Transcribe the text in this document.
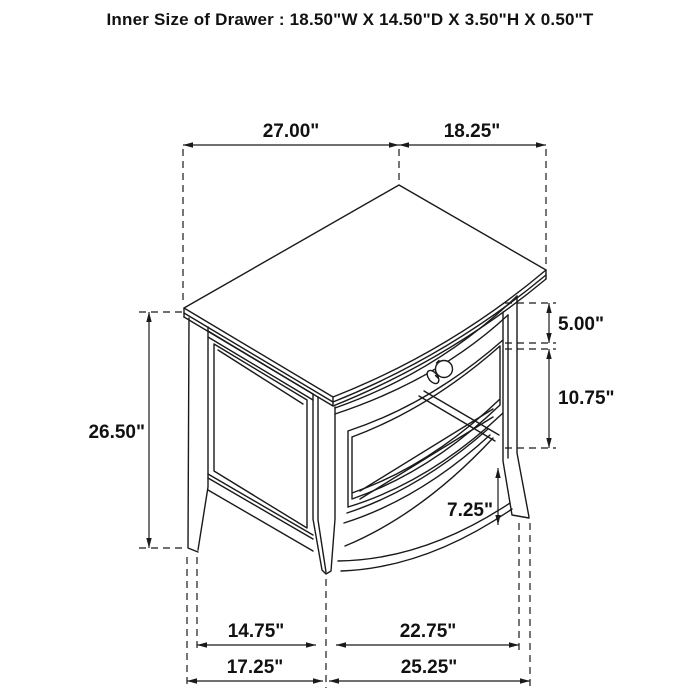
Inner Size of Drawer : 18.50"W X 14.50"D X 3.50"H X 0.50"T
27.00"	18.25"
26.50"
5.00"
10.75"
7.25"
14.75"	22.75"
17.25"	25.25"
